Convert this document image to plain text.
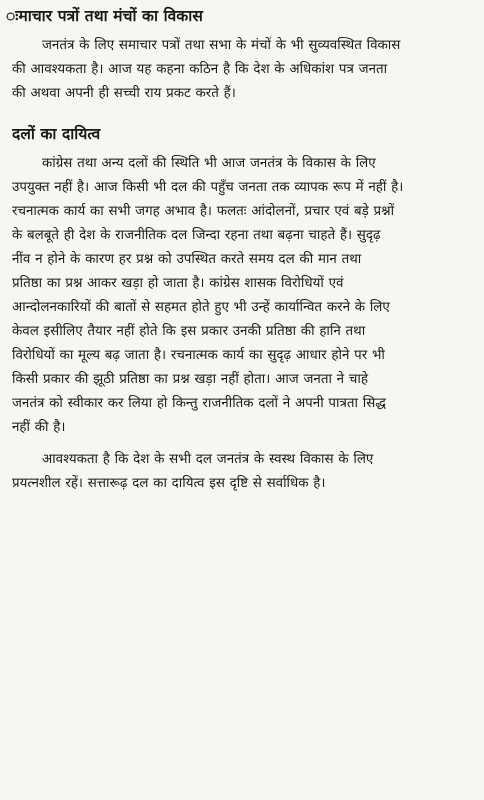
ःमाचार पत्रों तथा मंचों का विकास
जनतंत्र के लिए समाचार पत्रों तथा सभा के मंचों के भी सुव्यवस्थित विकास
की आवश्यकता है। आज यह कहना कठिन है कि देश के अधिकांश पत्र जनता
की अथवा अपनी ही सच्ची राय प्रकट करते हैं।
दलों का दायित्व
कांग्रेस तथा अन्य दलों की स्थिति भी आज जनतंत्र के विकास के लिए
उपयुक्त नहीं है। आज किसी भी दल की पहुँच जनता तक व्यापक रूप में नहीं है।
रचनात्मक कार्य का सभी जगह अभाव है। फलतः आंदोलनों, प्रचार एवं बड़े प्रश्नों
के बलबूते ही देश के राजनीतिक दल जिन्दा रहना तथा बढ़ना चाहते हैं। सुदृढ़
नींव न होने के कारण हर प्रश्न को उपस्थित करते समय दल की मान तथा
प्रतिष्ठा का प्रश्न आकर खड़ा हो जाता है। कांग्रेस शासक विरोधियों एवं
आन्दोलनकारियों की बातों से सहमत होते हुए भी उन्हें कार्यान्वित करने के लिए
केवल इसीलिए तैयार नहीं होते कि इस प्रकार उनकी प्रतिष्ठा की हानि तथा
विरोधियों का मूल्य बढ़ जाता है। रचनात्मक कार्य का सुदृढ़ आधार होने पर भी
किसी प्रकार की झूठी प्रतिष्ठा का प्रश्न खड़ा नहीं होता। आज जनता ने चाहे
जनतंत्र को स्वीकार कर लिया हो किन्तु राजनीतिक दलों ने अपनी पात्रता सिद्ध
नहीं की है।
आवश्यकता है कि देश के सभी दल जनतंत्र के स्वस्थ विकास के लिए
प्रयत्नशील रहें। सत्तारूढ़ दल का दायित्व इस दृष्टि से सर्वाधिक है।
